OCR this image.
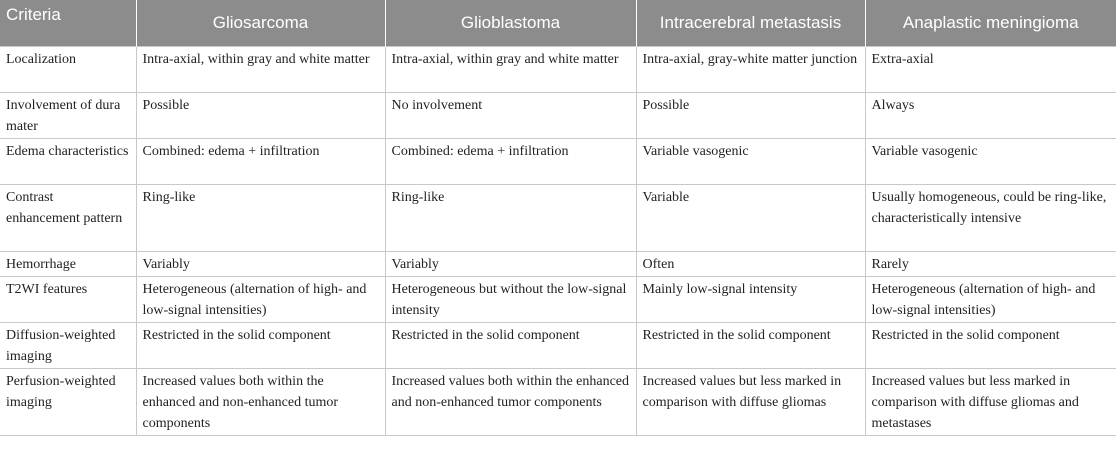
Criteria	Gliosarcoma	Glioblastoma	Intracerebral metastasis	Anaplastic meningioma
Localization	Intra-axial, within gray and white matter	Intra-axial, within gray and white matter	Intra-axial, gray-white matter junction	Extra-axial
Involvement of dura mater	Possible	No involvement	Possible	Always
Edema characteristics	Combined: edema + infiltration	Combined: edema + infiltration	Variable vasogenic	Variable vasogenic
Contrast enhancement pattern	Ring-like	Ring-like	Variable	Usually homogeneous, could be ring-like, characteristically intensive
Hemorrhage	Variably	Variably	Often	Rarely
T2WI features	Heterogeneous (alternation of high- and low-signal intensities)	Heterogeneous but without the low-signal intensity	Mainly low-signal intensity	Heterogeneous (alternation of high- and low-signal intensities)
Diffusion-weighted imaging	Restricted in the solid component	Restricted in the solid component	Restricted in the solid component	Restricted in the solid component
Perfusion-weighted imaging	Increased values both within the enhanced and non-enhanced tumor components	Increased values both within the enhanced and non-enhanced tumor components	Increased values but less marked in comparison with diffuse gliomas	Increased values but less marked in comparison with diffuse gliomas and metastases
